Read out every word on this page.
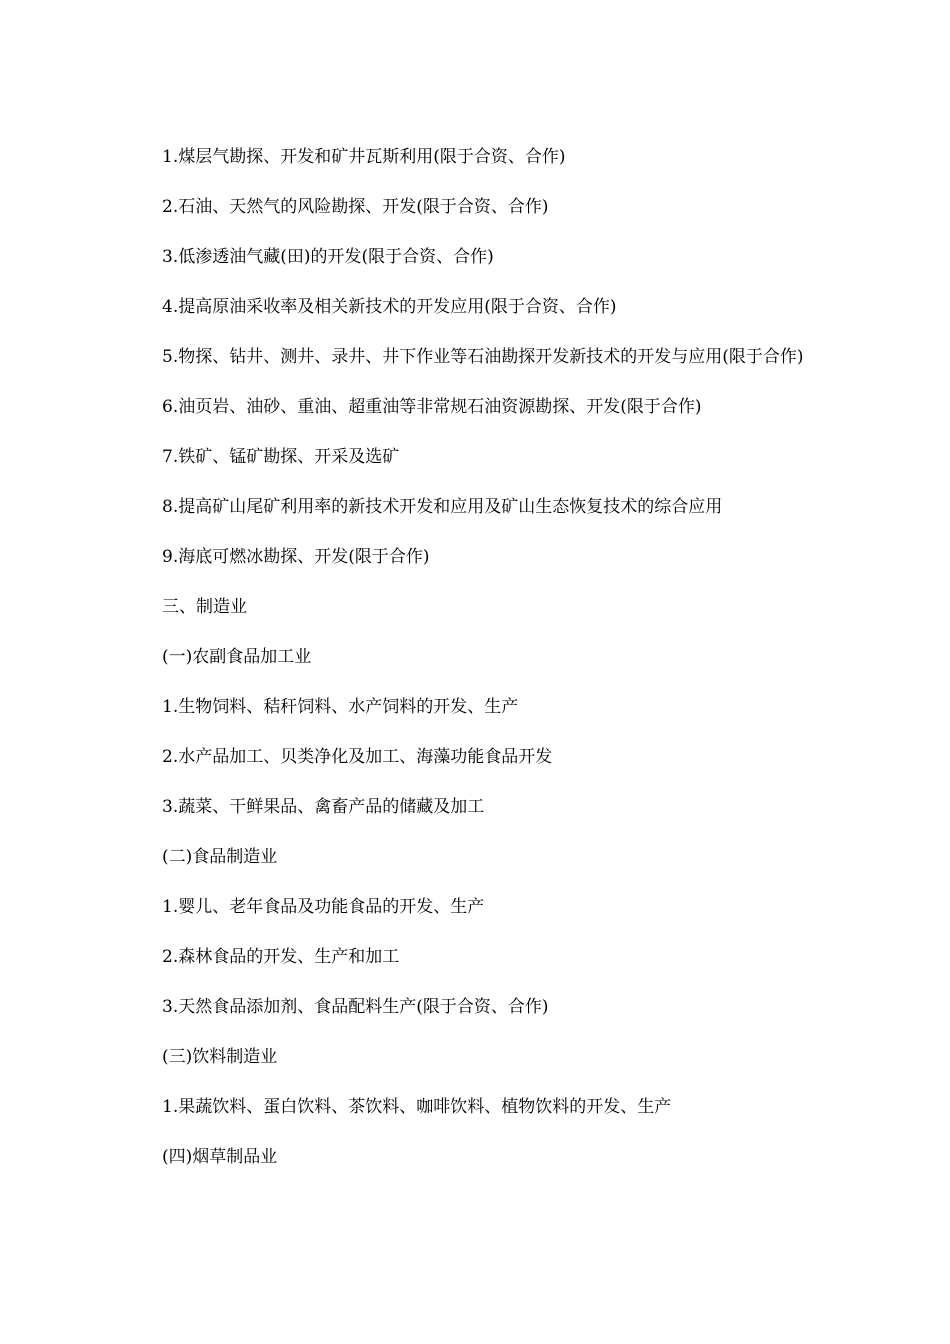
1.煤层气勘探、开发和矿井瓦斯利用(限于合资、合作)

2.石油、天然气的风险勘探、开发(限于合资、合作)

3.低渗透油气藏(田)的开发(限于合资、合作)

4.提高原油采收率及相关新技术的开发应用(限于合资、合作)

5.物探、钻井、测井、录井、井下作业等石油勘探开发新技术的开发与应用(限于合作)

6.油页岩、油砂、重油、超重油等非常规石油资源勘探、开发(限于合作)

7.铁矿、锰矿勘探、开采及选矿

8.提高矿山尾矿利用率的新技术开发和应用及矿山生态恢复技术的综合应用

9.海底可燃冰勘探、开发(限于合作)

三、制造业

(一)农副食品加工业

1.生物饲料、秸秆饲料、水产饲料的开发、生产

2.水产品加工、贝类净化及加工、海藻功能食品开发

3.蔬菜、干鲜果品、禽畜产品的储藏及加工

(二)食品制造业

1.婴儿、老年食品及功能食品的开发、生产

2.森林食品的开发、生产和加工

3.天然食品添加剂、食品配料生产(限于合资、合作)

(三)饮料制造业

1.果蔬饮料、蛋白饮料、茶饮料、咖啡饮料、植物饮料的开发、生产

(四)烟草制品业
